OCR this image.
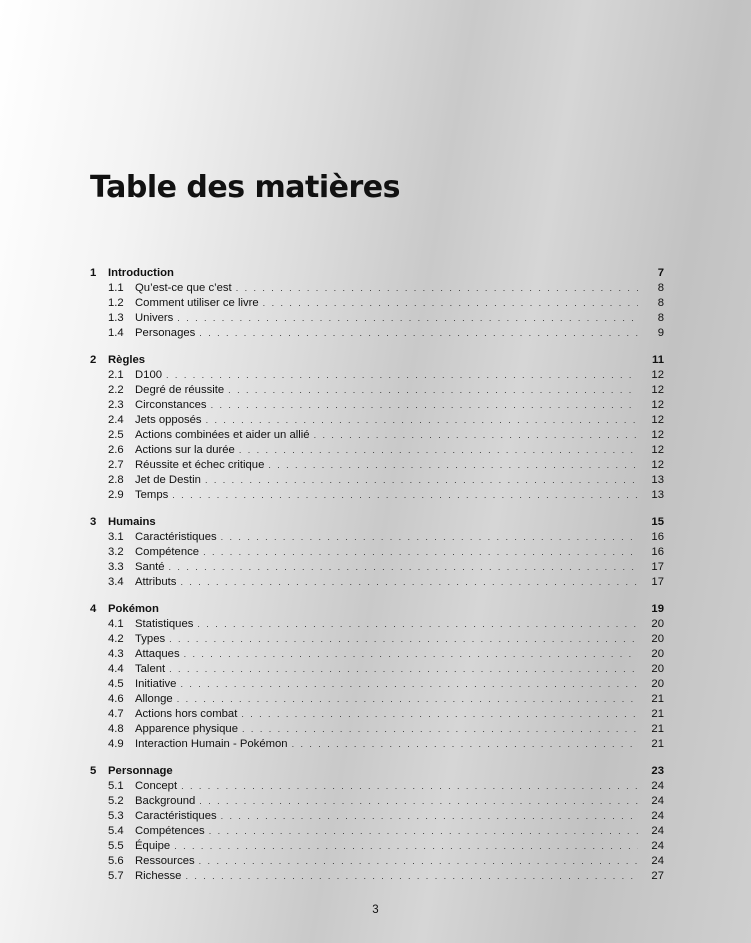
Table des matières
1	Introduction	7
1.1 Qu’est-ce que c’est . . .	8
1.2 Comment utiliser ce livre . . .	8
1.3 Univers . . .	8
1.4 Personages . . .	9
2	Règles	11
2.1 D100 . . .	12
2.2 Degré de réussite . . .	12
2.3 Circonstances . . .	12
2.4 Jets opposés . . .	12
2.5 Actions combinées et aider un allié . . .	12
2.6 Actions sur la durée . . .	12
2.7 Réussite et échec critique . . .	12
2.8 Jet de Destin . . .	13
2.9 Temps . . .	13
3	Humains	15
3.1 Caractéristiques . . .	16
3.2 Compétence . . .	16
3.3 Santé . . .	17
3.4 Attributs . . .	17
4	Pokémon	19
4.1 Statistiques . . .	20
4.2 Types . . .	20
4.3 Attaques . . .	20
4.4 Talent . . .	20
4.5 Initiative . . .	20
4.6 Allonge . . .	21
4.7 Actions hors combat . . .	21
4.8 Apparence physique . . .	21
4.9 Interaction Humain - Pokémon . . .	21
5	Personnage	23
5.1 Concept . . .	24
5.2 Background . . .	24
5.3 Caractéristiques . . .	24
5.4 Compétences . . .	24
5.5 Équipe . . .	24
5.6 Ressources . . .	24
5.7 Richesse . . .	27
3
